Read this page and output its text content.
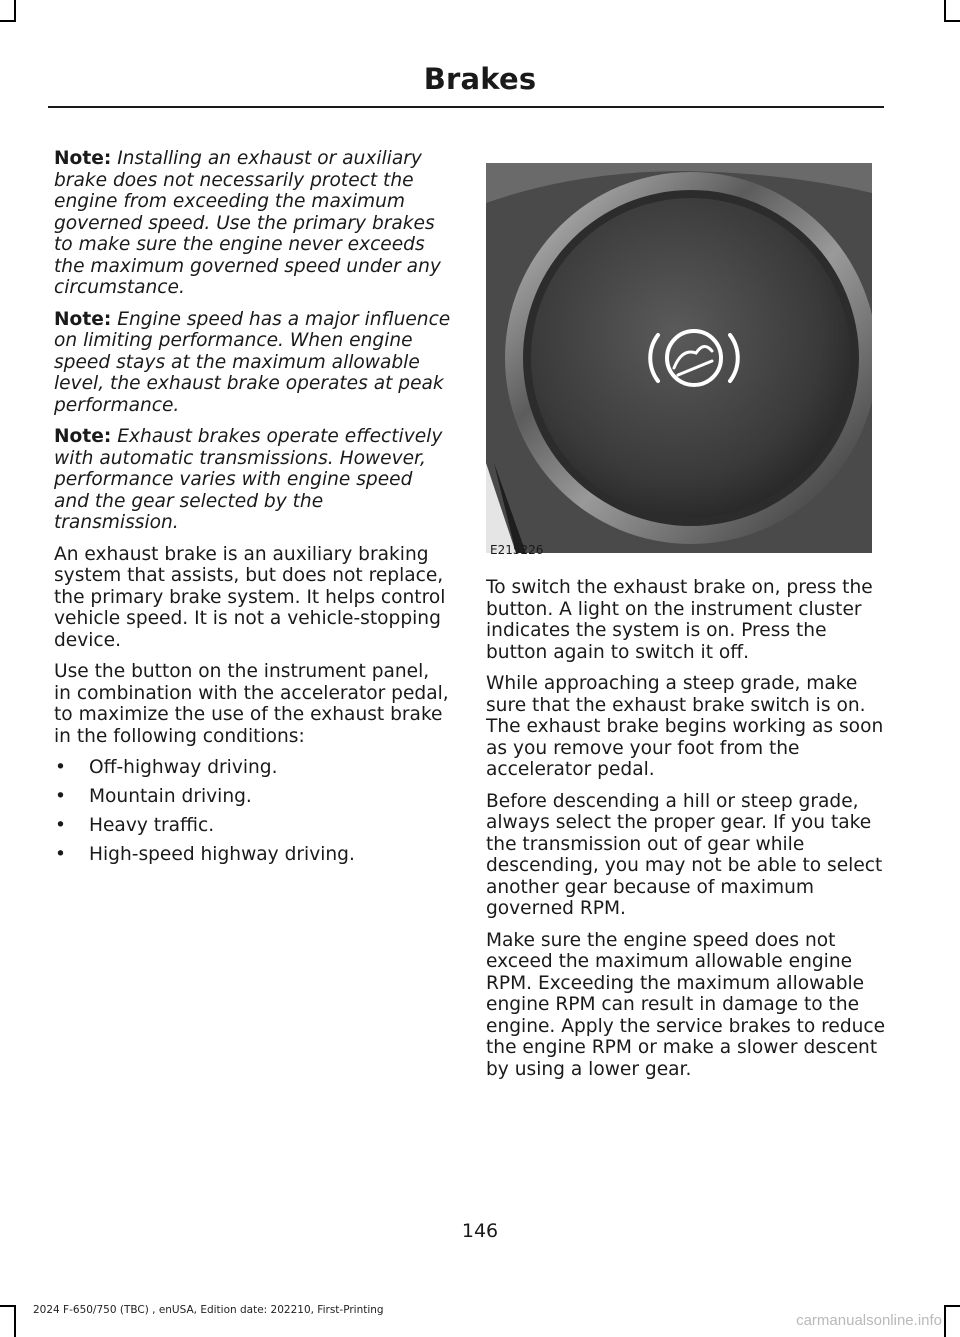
Brakes

Note: Installing an exhaust or auxiliary brake does not necessarily protect the engine from exceeding the maximum governed speed. Use the primary brakes to make sure the engine never exceeds the maximum governed speed under any circumstance.

Note: Engine speed has a major influence on limiting performance. When engine speed stays at the maximum allowable level, the exhaust brake operates at peak performance.

Note: Exhaust brakes operate effectively with automatic transmissions. However, performance varies with engine speed and the gear selected by the transmission.

An exhaust brake is an auxiliary braking system that assists, but does not replace, the primary brake system. It helps control vehicle speed. It is not a vehicle-stopping device.

Use the button on the instrument panel, in combination with the accelerator pedal, to maximize the use of the exhaust brake in the following conditions:

• Off-highway driving.
• Mountain driving.
• Heavy traffic.
• High-speed highway driving.
E215226

To switch the exhaust brake on, press the button. A light on the instrument cluster indicates the system is on. Press the button again to switch it off.

While approaching a steep grade, make sure that the exhaust brake switch is on. The exhaust brake begins working as soon as you remove your foot from the accelerator pedal.

Before descending a hill or steep grade, always select the proper gear. If you take the transmission out of gear while descending, you may not be able to select another gear because of maximum governed RPM.

Make sure the engine speed does not exceed the maximum allowable engine RPM. Exceeding the maximum allowable engine RPM can result in damage to the engine. Apply the service brakes to reduce the engine RPM or make a slower descent by using a lower gear.

146
2024 F-650/750 (TBC) , enUSA, Edition date: 202210, First-Printing
carmanualsonline.info
